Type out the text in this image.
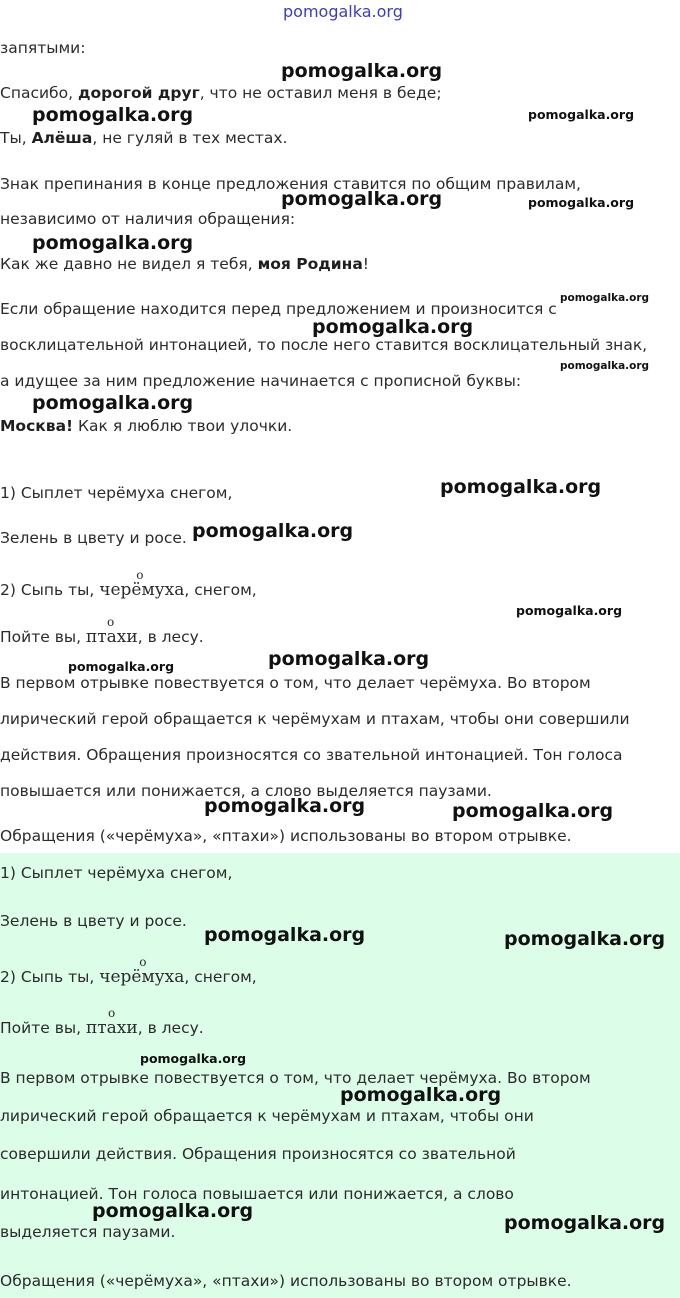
pomogalka.org
запятыми:
Спасибо, дорогой друг, что не оставил меня в беде;
Ты, Алёша, не гуляй в тех местах.
Знак препинания в конце предложения ставится по общим правилам,
независимо от наличия обращения:
Как же давно не видел я тебя, моя Родина!
Если обращение находится перед предложением и произносится с
восклицательной интонацией, то после него ставится восклицательный знак,
а идущее за ним предложение начинается с прописной буквы:
Москва! Как я люблю твои улочки.
1) Сыплет черёмуха снегом,
Зелень в цвету и росе.
2) Сыпь ты,
о
черёмуха, снегом,
Пойте вы,
о
птахи, в лесу.
В первом отрывке повествуется о том, что делает черёмуха. Во втором
лирический герой обращается к черёмухам и птахам, чтобы они совершили
действия. Обращения произносятся со звательной интонацией. Тон голоса
повышается или понижается, а слово выделяется паузами.
Обращения («черёмуха», «птахи») использованы во втором отрывке.
1) Сыплет черёмуха снегом,
Зелень в цвету и росе.
2) Сыпь ты,
о
черёмуха, снегом,
Пойте вы,
о
птахи, в лесу.
В первом отрывке повествуется о том, что делает черёмуха. Во втором
лирический герой обращается к черёмухам и птахам, чтобы они
совершили действия. Обращения произносятся со звательной
интонацией. Тон голоса повышается или понижается, а слово
выделяется паузами.
Обращения («черёмуха», «птахи») использованы во втором отрывке.
pomogalka.org
pomogalka.org	pomogalka.org
pomogalka.org	pomogalka.org
pomogalka.org
pomogalka.org
pomogalka.org
pomogalka.org
pomogalka.org
pomogalka.org
pomogalka.org
pomogalka.org
pomogalka.org
pomogalka.org
pomogalka.org	pomogalka.org
pomogalka.org	pomogalka.org
pomogalka.org
pomogalka.org
pomogalka.org
pomogalka.org
